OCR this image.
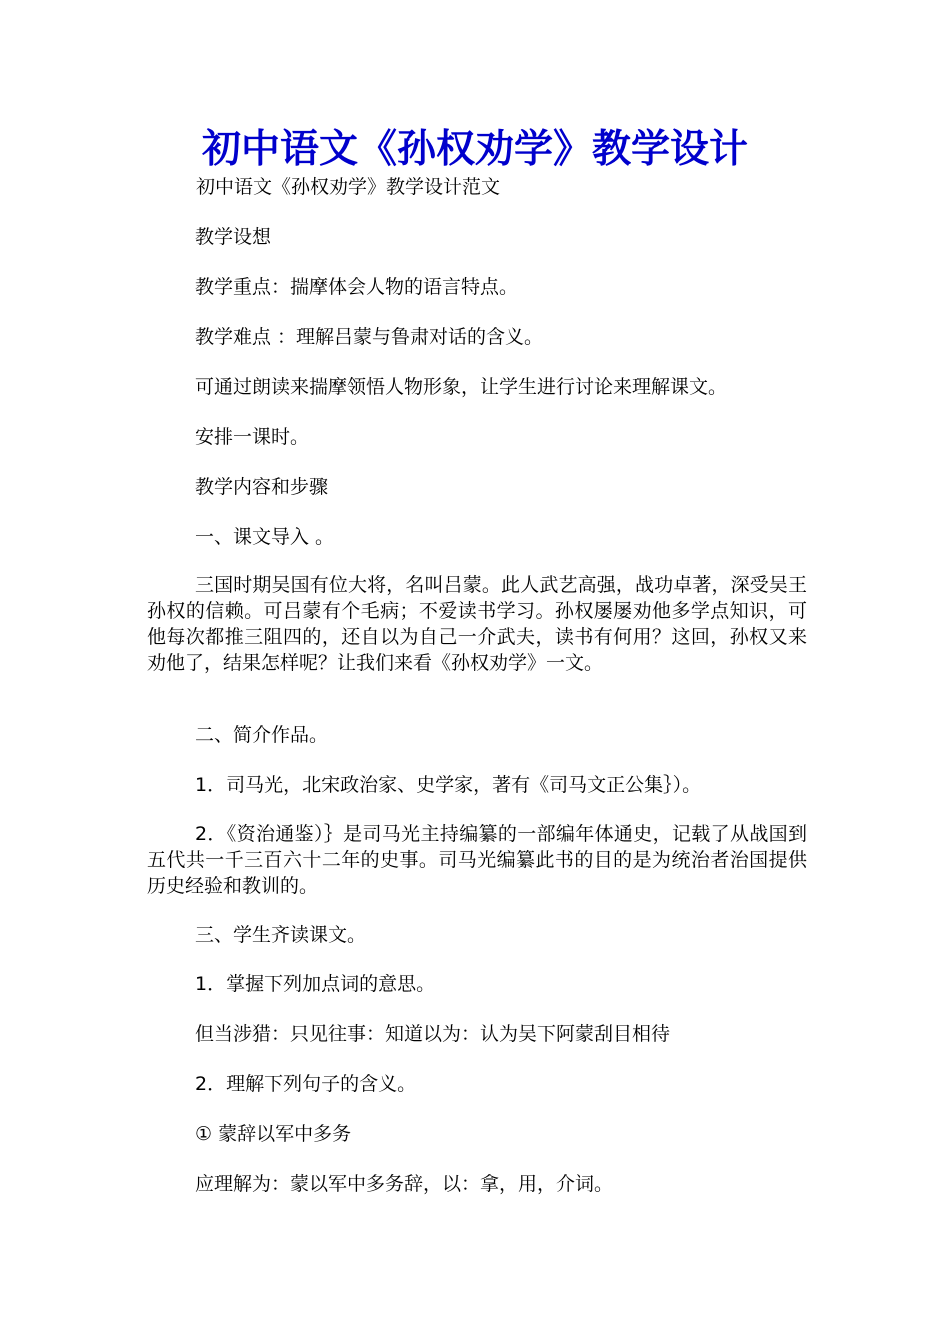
初中语文《孙权劝学》教学设计

初中语文《孙权劝学》教学设计范文

教学设想

教学重点：揣摩体会人物的语言特点。

教学难点 ：理解吕蒙与鲁肃对话的含义。

可通过朗读来揣摩领悟人物形象，让学生进行讨论来理解课文。

安排一课时。

教学内容和步骤

一、课文导入 。

三国时期吴国有位大将，名叫吕蒙。此人武艺高强，战功卓著，深受吴王孙权的信赖。可吕蒙有个毛病；不爱读书学习。孙权屡屡劝他多学点知识，可他每次都推三阻四的，还自以为自己一介武夫，读书有何用？这回，孙权又来劝他了，结果怎样呢？让我们来看《孙权劝学》一文。

二、简介作品。

1．司马光，北宋政治家、史学家，著有《司马文正公集｝）。

2．《资治通鉴）｝是司马光主持编纂的一部编年体通史，记载了从战国到五代共一千三百六十二年的史事。司马光编纂此书的目的是为统治者治国提供历史经验和教训的。

三、学生齐读课文。

1．掌握下列加点词的意思。

但当涉猎：只见往事：知道以为：认为吴下阿蒙刮目相待

2．理解下列句子的含义。

① 蒙辞以军中多务

应理解为：蒙以军中多务辞，以：拿，用，介词。
